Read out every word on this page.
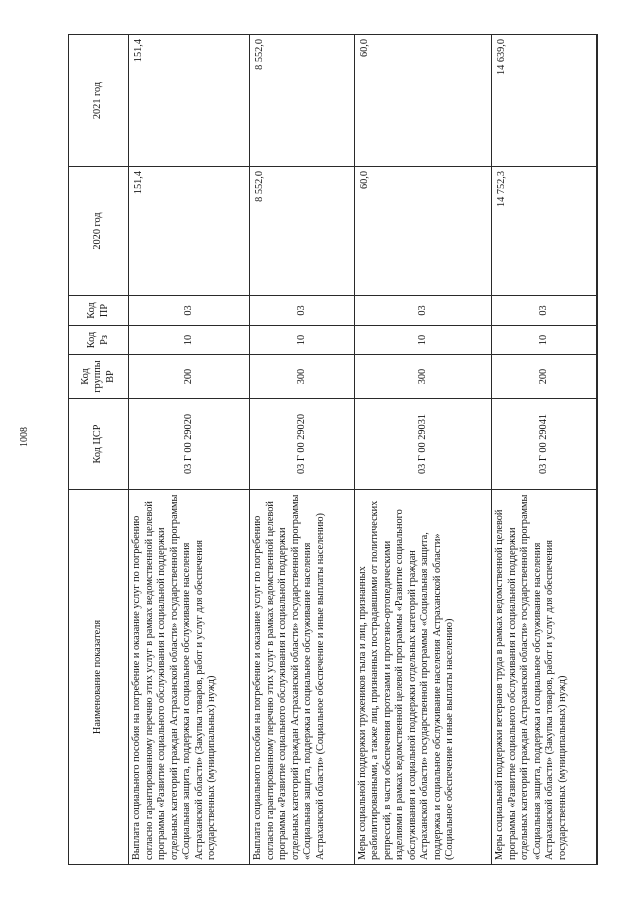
1008
Наименование показателя	Код ЦСР	Код группы ВР	Код Рз	Код ПР	2020 год	2021 год
Выплата социального пособия на погребение и оказание услуг по погребению согласно гарантированному перечню этих услуг в рамках ведомственной целевой программы «Развитие социального обслуживания и социальной поддержки отдельных категорий граждан Астраханской области» государственной программы «Социальная защита, поддержка и социальное обслуживание населения Астраханской области» (Закупка товаров, работ и услуг для обеспечения государственных (муниципальных) нужд)	03 Г 00 29020	200	10	03	151,4	151,4
Выплата социального пособия на погребение и оказание услуг по погребению согласно гарантированному перечню этих услуг в рамках ведомственной целевой программы «Развитие социального обслуживания и социальной поддержки отдельных категорий граждан Астраханской области» государственной программы «Социальная защита, поддержка и социальное обслуживание населения Астраханской области» (Социальное обеспечение и иные выплаты населению)	03 Г 00 29020	300	10	03	8 552,0	8 552,0
Меры социальной поддержки тружеников тыла и лиц, признанных реабилитированными, а также лиц, признанных пострадавшими от политических репрессий, в части обеспечения протезами и протезно-ортопедическими изделиями в рамках ведомственной целевой программы «Развитие социального обслуживания и социальной поддержки отдельных категорий граждан Астраханской области» государственной программы «Социальная защита, поддержка и социальное обслуживание населения Астраханской области» (Социальное обеспечение и иные выплаты населению)	03 Г 00 29031	300	10	03	60,0	60,0
Меры социальной поддержки ветеранов труда в рамках ведомственной целевой программы «Развитие социального обслуживания и социальной поддержки отдельных категорий граждан Астраханской области» государственной программы «Социальная защита, поддержка и социальное обслуживание населения Астраханской области» (Закупка товаров, работ и услуг для обеспечения государственных (муниципальных) нужд)	03 Г 00 29041	200	10	03	14 752,3	14 639,0
